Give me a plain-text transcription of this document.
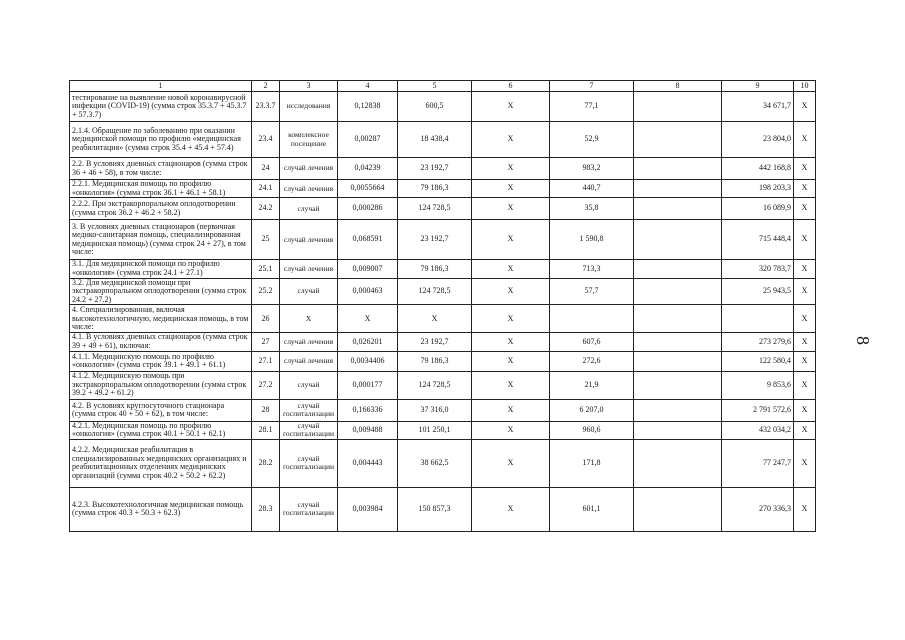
1	2	3	4	5	6	7	8	9	10
тестирование на выявление новой коронавирусной инфекции (COVID-19) (сумма строк 35.3.7 + 45.3.7 + 57.3.7)	23.3.7	исследования	0,12838	600,5	Х	77,1		34 671,7	Х
2.1.4. Обращение по заболеванию при оказании медицинской помощи по профилю «медицинская реабилитация» (сумма строк 35.4 + 45.4 + 57.4)	23.4	комплексное посещение	0,00287	18 438,4	Х	52,9		23 804,0	Х
2.2. В условиях дневных стационаров (сумма строк 36 + 46 + 58), в том числе:	24	случай лечения	0,04239	23 192,7	Х	983,2		442 168,8	Х
2.2.1. Медицинская помощь по профилю «онкология» (сумма строк 36.1 + 46.1 + 58.1)	24.1	случай лечения	0,0055664	79 186,3	Х	440,7		198 203,3	Х
2.2.2. При экстракорпоральном оплодотворении (сумма строк 36.2 + 46.2 + 58.2)	24.2	случай	0,000286	124 728,5	Х	35,8		16 089,9	Х
3. В условиях дневных стационаров (первичная медико-санитарная помощь, специализированная медицинская помощь) (сумма строк 24 + 27), в том числе:	25	случай лечения	0,068591	23 192,7	Х	1 590,8		715 448,4	Х
3.1. Для медицинской помощи по профилю «онкология» (сумма строк 24.1 + 27.1)	25.1	случай лечения	0,009007	79 186,3	Х	713,3		320 783,7	Х
3.2. Для медицинской помощи при экстракорпоральном оплодотворении (сумма строк 24.2 + 27.2)	25.2	случай	0,000463	124 728,5	Х	57,7		25 943,5	Х
4. Специализированная, включая высокотехнологичную, медицинская помощь, в том числе:	26	Х	Х	Х	Х				Х
4.1. В условиях дневных стационаров (сумма строк 39 + 49 + 61), включая:	27	случай лечения	0,026201	23 192,7	Х	607,6		273 279,6	Х
4.1.1. Медицинскую помощь по профилю «онкология» (сумма строк 39.1 + 49.1 + 61.1)	27.1	случай лечения	0,0034406	79 186,3	Х	272,6		122 580,4	Х
4.1.2. Медицинскую помощь при экстракорпоральном оплодотворении (сумма строк 39.2 + 49.2 + 61.2)	27.2	случай	0,000177	124 728,5	Х	21,9		9 853,6	Х
4.2. В условиях круглосуточного стационара (сумма строк 40 + 50 + 62), в том числе:	28	случай госпитализации	0,166336	37 316,0	Х	6 207,0		2 791 572,6	Х
4.2.1. Медицинская помощь по профилю «онкология» (сумма строк 40.1 + 50.1 + 62.1)	28.1	случай госпитализации	0,009488	101 250,1	Х	960,6		432 034,2	Х
4.2.2. Медицинская реабилитация в специализированных медицинских организациях и реабилитационных отделениях медицинских организаций (сумма строк 40.2 + 50.2 + 62.2)	28.2	случай госпитализации	0,004443	38 662,5	Х	171,8		77 247,7	Х
4.2.3. Высокотехнологичная медицинская помощь (сумма строк 40.3 + 50.3 + 62.3)	28.3	случай госпитализации	0,003984	150 857,3	Х	601,1		270 336,3	Х
8
